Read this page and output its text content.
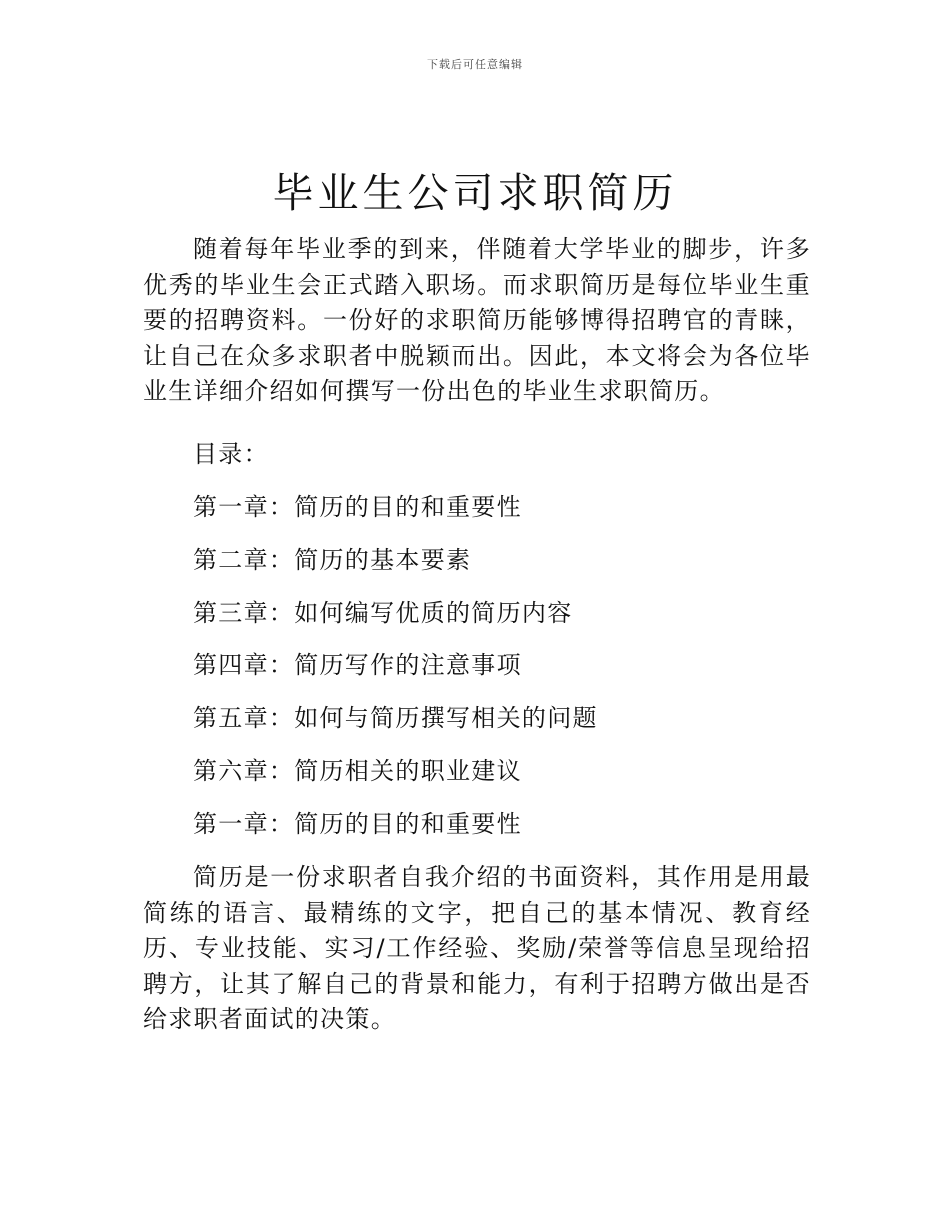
下载后可任意编辑
毕业生公司求职简历

随着每年毕业季的到来，伴随着大学毕业的脚步，许多优秀的毕业生会正式踏入职场。而求职简历是每位毕业生重要的招聘资料。一份好的求职简历能够博得招聘官的青睐，让自己在众多求职者中脱颖而出。因此，本文将会为各位毕业生详细介绍如何撰写一份出色的毕业生求职简历。

目录：

第一章：简历的目的和重要性

第二章：简历的基本要素

第三章：如何编写优质的简历内容

第四章：简历写作的注意事项

第五章：如何与简历撰写相关的问题

第六章：简历相关的职业建议

第一章：简历的目的和重要性

简历是一份求职者自我介绍的书面资料，其作用是用最简练的语言、最精练的文字，把自己的基本情况、教育经历、专业技能、实习/工作经验、奖励/荣誉等信息呈现给招聘方，让其了解自己的背景和能力，有利于招聘方做出是否给求职者面试的决策。
